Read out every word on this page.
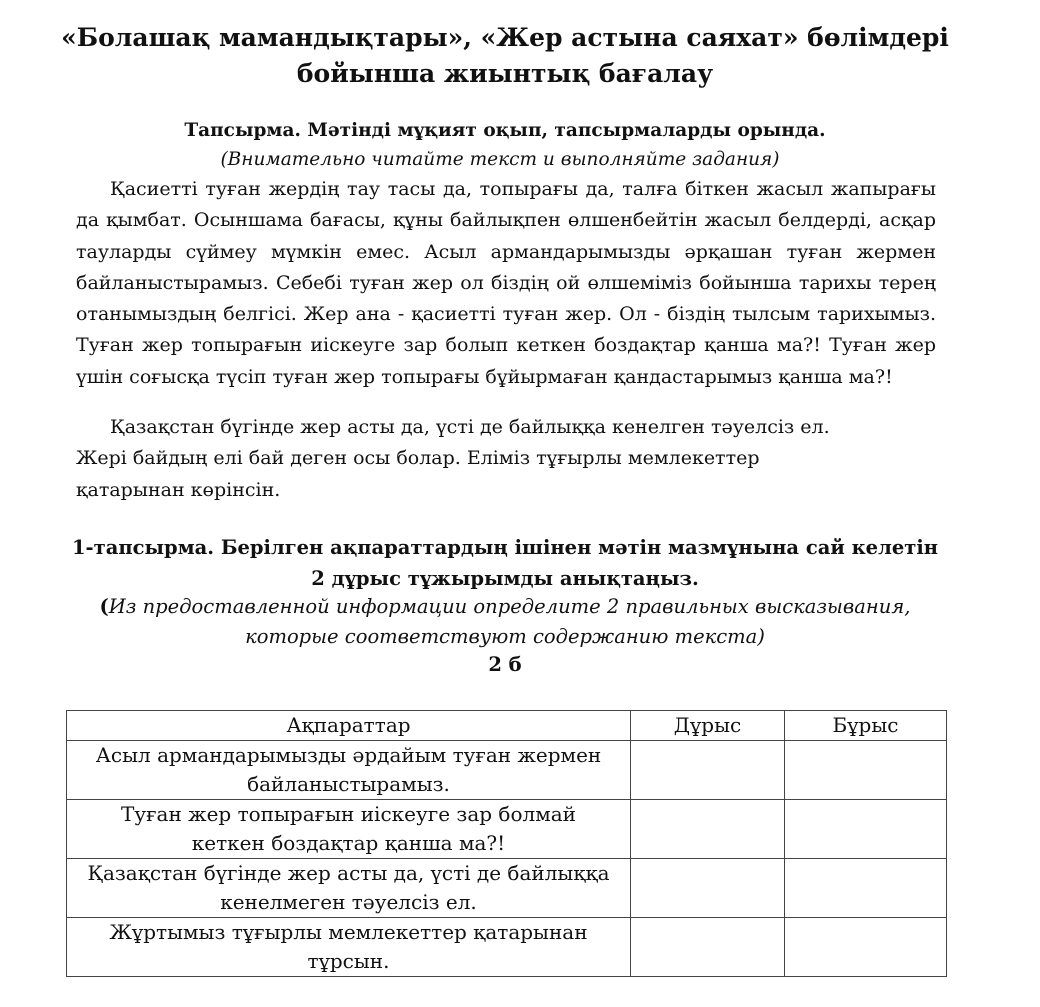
«Болашақ мамандықтары», «Жер астына саяхат» бөлімдері
бойынша жиынтық бағалау
Тапсырма. Мәтінді мұқият оқып, тапсырмаларды орында.
(Внимательно читайте текст и выполняйте задания)

Қасиетті туған жердің тау тасы да, топырағы да, талға біткен жасыл жапырағы да қымбат. Осыншама бағасы, құны байлықпен өлшенбейтін жасыл белдерді, асқар тауларды сүймеу мүмкін емес. Асыл армандарымызды әрқашан туған жермен байланыстырамыз. Себебі туған жер ол біздің ой өлшеміміз бойынша тарихы терең отанымыздың белгісі. Жер ана - қасиетті туған жер. Ол - біздің тылсым тарихымыз. Туған жер топырағын иіскеуге зар болып кеткен боздақтар қанша ма?! Туған жер үшін соғысқа түсіп туған жер топырағы бұйырмаған қандастарымыз қанша ма?!

Қазақстан бүгінде жер асты да, үсті де байлыққа кенелген тәуелсіз ел.
Жері байдың елі бай деген осы болар. Еліміз тұғырлы мемлекеттер
қатарынан көрінсін.
1-тапсырма. Берілген ақпараттардың ішінен мәтін мазмұнына сай келетін
2 дұрыс тұжырымды анықтаңыз.
(Из предоставленной информации определите 2 правильных высказывания,
которые соответствуют содержанию текста)
2 б
Ақпараттар	Дұрыс	Бұрыс

Асыл армандарымызды әрдайым туған жермен
байланыстырамыз.		

Туған жер топырағын иіскеуге зар болмай
кеткен боздақтар қанша ма?!		

Қазақстан бүгінде жер асты да, үсті де байлыққа
кенелмеген тәуелсіз ел.		

Жұртымыз тұғырлы мемлекеттер қатарынан
тұрсын.		
